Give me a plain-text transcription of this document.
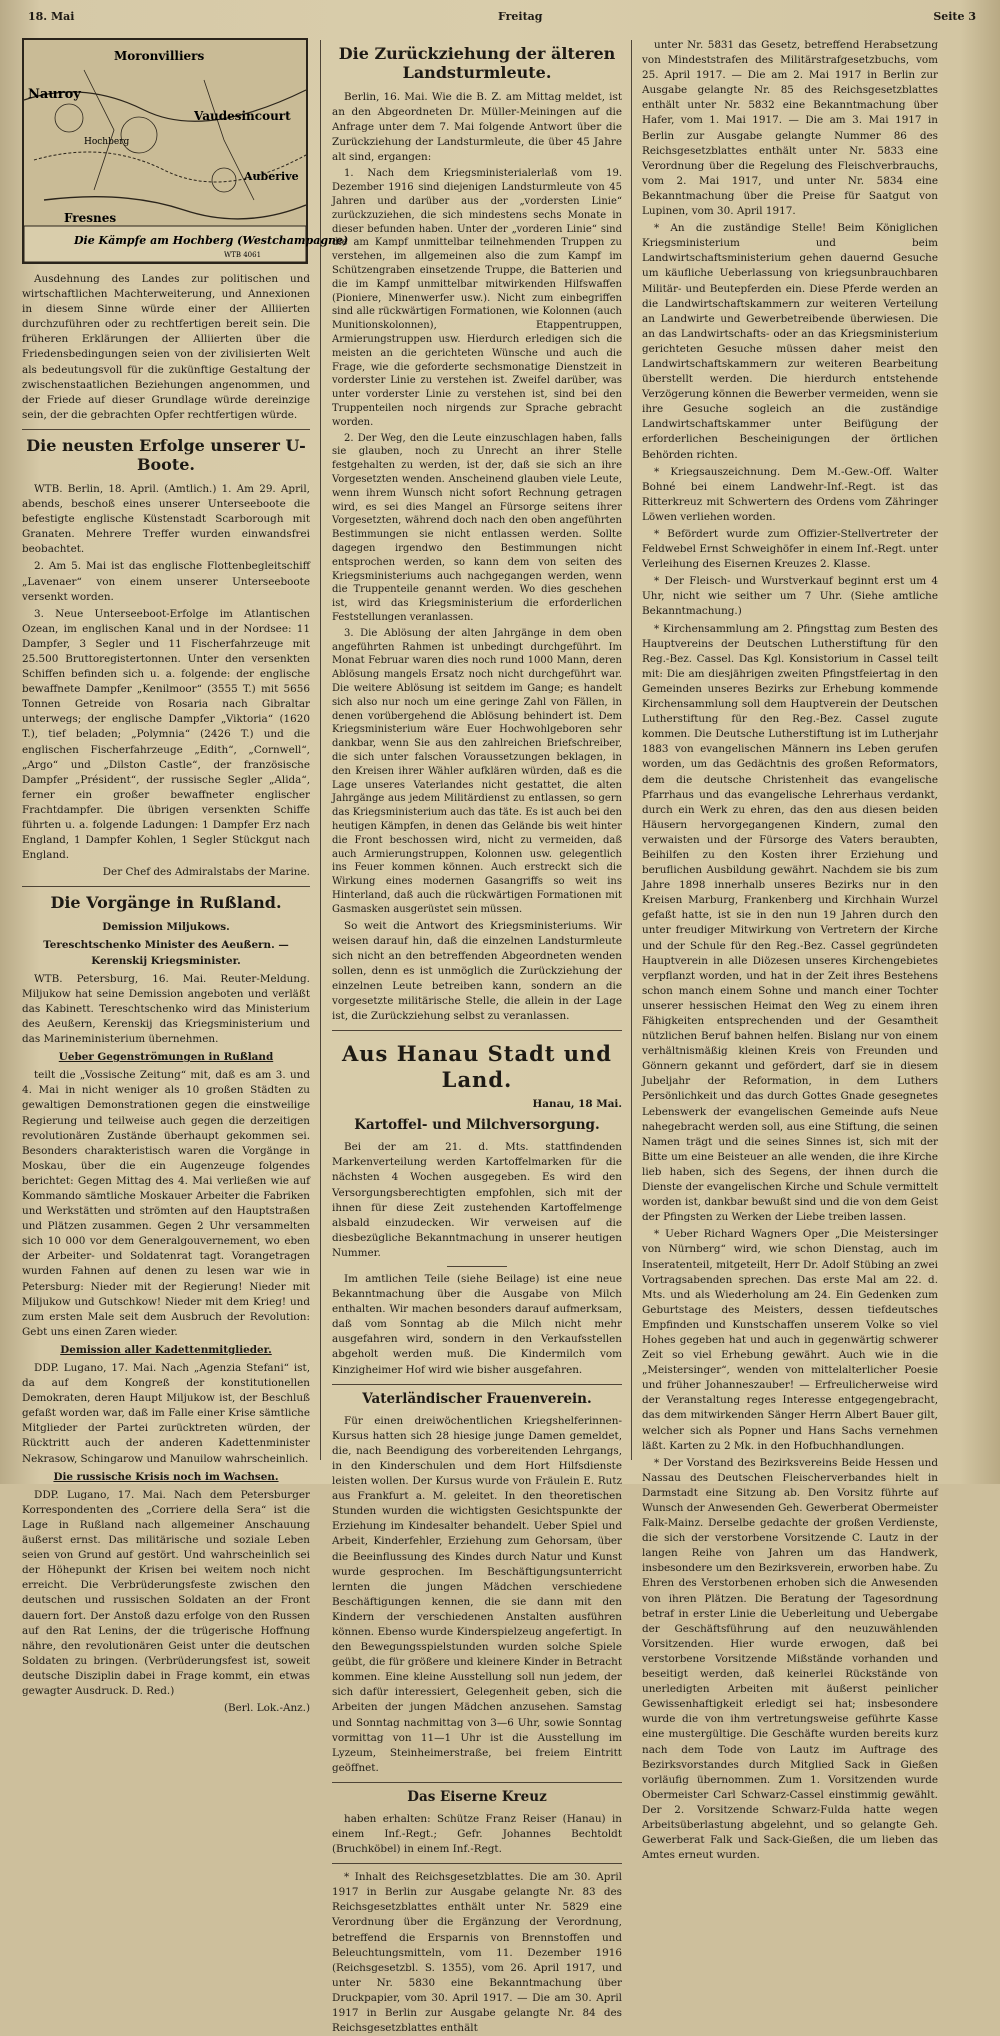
18. Mai	Freitag	Seite 3
Moronvilliers
Nauroy
Vaudesincourt
Auberive
Fresnes
Hochberg
Die Kämpfe am Hochberg (Westchampagne)
WTB 4061

Ausdehnung des Landes zur politischen und wirtschaftlichen Machterweiterung, und Annexionen in diesem Sinne würde einer der Alliierten durchzuführen oder zu rechtfertigen bereit sein. Die früheren Erklärungen der Alliierten über die Friedensbedingungen seien von der zivilisierten Welt als bedeutungsvoll für die zukünftige Gestaltung der zwischenstaatlichen Beziehungen angenommen, und der Friede auf dieser Grundlage würde dereinzige sein, der die gebrachten Opfer rechtfertigen würde.

Die neusten Erfolge unserer U-Boote.

WTB. Berlin, 18. April. (Amtlich.) 1. Am 29. April, abends, beschoß eines unserer Unterseeboote die befestigte englische Küstenstadt Scarborough mit Granaten. Mehrere Treffer wurden einwandsfrei beobachtet.

2. Am 5. Mai ist das englische Flottenbegleitschiff „Lavenaer“ von einem unserer Unterseeboote versenkt worden.

3. Neue Unterseeboot-Erfolge im Atlantischen Ozean, im englischen Kanal und in der Nordsee: 11 Dampfer, 3 Segler und 11 Fischerfahrzeuge mit 25.500 Bruttoregistertonnen. Unter den versenkten Schiffen befinden sich u. a. folgende: der englische bewaffnete Dampfer „Kenilmoor“ (3555 T.) mit 5656 Tonnen Getreide von Rosaria nach Gibraltar unterwegs; der englische Dampfer „Viktoria“ (1620 T.), tief beladen; „Polymnia“ (2426 T.) und die englischen Fischerfahrzeuge „Edith“, „Cornwell“, „Argo“ und „Dilston Castle“, der französische Dampfer „Président“, der russische Segler „Alida“, ferner ein großer bewaffneter englischer Frachtdampfer. Die übrigen versenkten Schiffe führten u. a. folgende Ladungen: 1 Dampfer Erz nach England, 1 Dampfer Kohlen, 1 Segler Stückgut nach England.

Der Chef des Admiralstabs der Marine.
Die Vorgänge in Rußland.
Demission Miljukows.
Tereschtschenko Minister des Aeußern. — Kerenskij Kriegsminister.

WTB. Petersburg, 16. Mai. Reuter-Meldung. Miljukow hat seine Demission angeboten und verläßt das Kabinett. Tereschtschenko wird das Ministerium des Aeußern, Kerenskij das Kriegsministerium und das Marineministerium übernehmen.

Ueber Gegenströmungen in Rußland

teilt die „Vossische Zeitung“ mit, daß es am 3. und 4. Mai in nicht weniger als 10 großen Städten zu gewaltigen Demonstrationen gegen die einstweilige Regierung und teilweise auch gegen die derzeitigen revolutionären Zustände überhaupt gekommen sei. Besonders charakteristisch waren die Vorgänge in Moskau, über die ein Augenzeuge folgendes berichtet: Gegen Mittag des 4. Mai verließen wie auf Kommando sämtliche Moskauer Arbeiter die Fabriken und Werkstätten und strömten auf den Hauptstraßen und Plätzen zusammen. Gegen 2 Uhr versammelten sich 10 000 vor dem Generalgouvernement, wo eben der Arbeiter- und Soldatenrat tagt. Vorangetragen wurden Fahnen auf denen zu lesen war wie in Petersburg: Nieder mit der Regierung! Nieder mit Miljukow und Gutschkow! Nieder mit dem Krieg! und zum ersten Male seit dem Ausbruch der Revolution: Gebt uns einen Zaren wieder.

Demission aller Kadettenmitglieder.

DDP. Lugano, 17. Mai. Nach „Agenzia Stefani“ ist, da auf dem Kongreß der konstitutionellen Demokraten, deren Haupt Miljukow ist, der Beschluß gefaßt worden war, daß im Falle einer Krise sämtliche Mitglieder der Partei zurücktreten würden, der Rücktritt auch der anderen Kadettenminister Nekrasow, Schingarow und Manuilow wahrscheinlich.

Die russische Krisis noch im Wachsen.

DDP. Lugano, 17. Mai. Nach dem Petersburger Korrespondenten des „Corriere della Sera“ ist die Lage in Rußland nach allgemeiner Anschauung äußerst ernst. Das militärische und soziale Leben seien von Grund auf gestört. Und wahrscheinlich sei der Höhepunkt der Krisen bei weitem noch nicht erreicht. Die Verbrüderungsfeste zwischen den deutschen und russischen Soldaten an der Front dauern fort. Der Anstoß dazu erfolge von den Russen auf den Rat Lenins, der die trügerische Hoffnung nähre, den revolutionären Geist unter die deutschen Soldaten zu bringen. (Verbrüderungsfest ist, soweit deutsche Disziplin dabei in Frage kommt, ein etwas gewagter Ausdruck. D. Red.)

(Berl. Lok.-Anz.)
Die Zurückziehung der älteren Landsturmleute.

Berlin, 16. Mai. Wie die B. Z. am Mittag meldet, ist an den Abgeordneten Dr. Müller-Meiningen auf die Anfrage unter dem 7. Mai folgende Antwort über die Zurückziehung der Landsturmleute, die über 45 Jahre alt sind, ergangen:

1. Nach dem Kriegsministerialerlaß vom 19. Dezember 1916 sind diejenigen Landsturmleute von 45 Jahren und darüber aus der „vordersten Linie“ zurückzuziehen, die sich mindestens sechs Monate in dieser befunden haben. Unter der „vorderen Linie“ sind die am Kampf unmittelbar teilnehmenden Truppen zu verstehen, im allgemeinen also die zum Kampf im Schützengraben einsetzende Truppe, die Batterien und die im Kampf unmittelbar mitwirkenden Hilfswaffen (Pioniere, Minenwerfer usw.). Nicht zum einbegriffen sind alle rückwärtigen Formationen, wie Kolonnen (auch Munitionskolonnen), Etappentruppen, Armierungstruppen usw. Hierdurch erledigen sich die meisten an die gerichteten Wünsche und auch die Frage, wie die geforderte sechsmonatige Dienstzeit in vorderster Linie zu verstehen ist. Zweifel darüber, was unter vorderster Linie zu verstehen ist, sind bei den Truppenteilen noch nirgends zur Sprache gebracht worden.

2. Der Weg, den die Leute einzuschlagen haben, falls sie glauben, noch zu Unrecht an ihrer Stelle festgehalten zu werden, ist der, daß sie sich an ihre Vorgesetzten wenden. Anscheinend glauben viele Leute, wenn ihrem Wunsch nicht sofort Rechnung getragen wird, es sei dies Mangel an Fürsorge seitens ihrer Vorgesetzten, während doch nach den oben angeführten Bestimmungen sie nicht entlassen werden. Sollte dagegen irgendwo den Bestimmungen nicht entsprochen werden, so kann dem von seiten des Kriegsministeriums auch nachgegangen werden, wenn die Truppenteile genannt werden. Wo dies geschehen ist, wird das Kriegsministerium die erforderlichen Feststellungen veranlassen.

3. Die Ablösung der alten Jahrgänge in dem oben angeführten Rahmen ist unbedingt durchgeführt. Im Monat Februar waren dies noch rund 1000 Mann, deren Ablösung mangels Ersatz noch nicht durchgeführt war. Die weitere Ablösung ist seitdem im Gange; es handelt sich also nur noch um eine geringe Zahl von Fällen, in denen vorübergehend die Ablösung behindert ist. Dem Kriegsministerium wäre Euer Hochwohlgeboren sehr dankbar, wenn Sie aus den zahlreichen Briefschreiber, die sich unter falschen Voraussetzungen beklagen, in den Kreisen ihrer Wähler aufklären würden, daß es die Lage unseres Vaterlandes nicht gestattet, die alten Jahrgänge aus jedem Militärdienst zu entlassen, so gern das Kriegsministerium auch das täte. Es ist auch bei den heutigen Kämpfen, in denen das Gelände bis weit hinter die Front beschossen wird, nicht zu vermeiden, daß auch Armierungstruppen, Kolonnen usw. gelegentlich ins Feuer kommen können. Auch erstreckt sich die Wirkung eines modernen Gasangriffs so weit ins Hinterland, daß auch die rückwärtigen Formationen mit Gasmasken ausgerüstet sein müssen.

So weit die Antwort des Kriegsministeriums. Wir weisen darauf hin, daß die einzelnen Landsturmleute sich nicht an den betreffenden Abgeordneten wenden sollen, denn es ist unmöglich die Zurückziehung der einzelnen Leute betreiben kann, sondern an die vorgesetzte militärische Stelle, die allein in der Lage ist, die Zurückziehung selbst zu veranlassen.

Aus Hanau Stadt und Land.
Hanau, 18 Mai.
Kartoffel- und Milchversorgung.

Bei der am 21. d. Mts. stattfindenden Markenverteilung werden Kartoffelmarken für die nächsten 4 Wochen ausgegeben. Es wird den Versorgungsberechtigten empfohlen, sich mit der ihnen für diese Zeit zustehenden Kartoffelmenge alsbald einzudecken. Wir verweisen auf die diesbezügliche Bekanntmachung in unserer heutigen Nummer.

Im amtlichen Teile (siehe Beilage) ist eine neue Bekanntmachung über die Ausgabe von Milch enthalten. Wir machen besonders darauf aufmerksam, daß vom Sonntag ab die Milch nicht mehr ausgefahren wird, sondern in den Verkaufsstellen abgeholt werden muß. Die Kindermilch vom Kinzigheimer Hof wird wie bisher ausgefahren.

Vaterländischer Frauenverein.

Für einen dreiwöchentlichen Kriegshelferinnen-Kursus hatten sich 28 hiesige junge Damen gemeldet, die, nach Beendigung des vorbereitenden Lehrgangs, in den Kinderschulen und dem Hort Hilfsdienste leisten wollen. Der Kursus wurde von Fräulein E. Rutz aus Frankfurt a. M. geleitet. In den theoretischen Stunden wurden die wichtigsten Gesichtspunkte der Erziehung im Kindesalter behandelt. Ueber Spiel und Arbeit, Kinderfehler, Erziehung zum Gehorsam, über die Beeinflussung des Kindes durch Natur und Kunst wurde gesprochen. Im Beschäftigungsunterricht lernten die jungen Mädchen verschiedene Beschäftigungen kennen, die sie dann mit den Kindern der verschiedenen Anstalten ausführen können. Ebenso wurde Kinderspielzeug angefertigt. In den Bewegungsspielstunden wurden solche Spiele geübt, die für größere und kleinere Kinder in Betracht kommen. Eine kleine Ausstellung soll nun jedem, der sich dafür interessiert, Gelegenheit geben, sich die Arbeiten der jungen Mädchen anzusehen. Samstag und Sonntag nachmittag von 3—6 Uhr, sowie Sonntag vormittag von 11—1 Uhr ist die Ausstellung im Lyzeum, Steinheimerstraße, bei freiem Eintritt geöffnet.

Das Eiserne Kreuz

haben erhalten: Schütze Franz Reiser (Hanau) in einem Inf.-Regt.; Gefr. Johannes Bechtoldt (Bruchköbel) in einem Inf.-Regt.

* Inhalt des Reichsgesetzblattes. Die am 30. April 1917 in Berlin zur Ausgabe gelangte Nr. 83 des Reichsgesetzblattes enthält unter Nr. 5829 eine Verordnung über die Ergänzung der Verordnung, betreffend die Ersparnis von Brennstoffen und Beleuchtungsmitteln, vom 11. Dezember 1916 (Reichsgesetzbl. S. 1355), vom 26. April 1917, und unter Nr. 5830 eine Bekanntmachung über Druckpapier, vom 30. April 1917. — Die am 30. April 1917 in Berlin zur Ausgabe gelangte Nr. 84 des Reichsgesetzblattes enthält

unter Nr. 5831 das Gesetz, betreffend Herabsetzung von Mindeststrafen des Militärstrafgesetzbuchs, vom 25. April 1917. — Die am 2. Mai 1917 in Berlin zur Ausgabe gelangte Nr. 85 des Reichsgesetzblattes enthält unter Nr. 5832 eine Bekanntmachung über Hafer, vom 1. Mai 1917. — Die am 3. Mai 1917 in Berlin zur Ausgabe gelangte Nummer 86 des Reichsgesetzblattes enthält unter Nr. 5833 eine Verordnung über die Regelung des Fleischverbrauchs, vom 2. Mai 1917, und unter Nr. 5834 eine Bekanntmachung über die Preise für Saatgut von Lupinen, vom 30. April 1917.

* An die zuständige Stelle! Beim Königlichen Kriegsministerium und beim Landwirtschaftsministerium gehen dauernd Gesuche um käufliche Ueberlassung von kriegsunbrauchbaren Militär- und Beutepferden ein. Diese Pferde werden an die Landwirtschaftskammern zur weiteren Verteilung an Landwirte und Gewerbetreibende überwiesen. Die an das Landwirtschafts- oder an das Kriegsministerium gerichteten Gesuche müssen daher meist den Landwirtschaftskammern zur weiteren Bearbeitung überstellt werden. Die hierdurch entstehende Verzögerung können die Bewerber vermeiden, wenn sie ihre Gesuche sogleich an die zuständige Landwirtschaftskammer unter Beifügung der erforderlichen Bescheinigungen der örtlichen Behörden richten.

* Kriegsauszeichnung. Dem M.-Gew.-Off. Walter Bohné bei einem Landwehr-Inf.-Regt. ist das Ritterkreuz mit Schwertern des Ordens vom Zähringer Löwen verliehen worden.

* Befördert wurde zum Offizier-Stellvertreter der Feldwebel Ernst Schweighöfer in einem Inf.-Regt. unter Verleihung des Eisernen Kreuzes 2. Klasse.

* Der Fleisch- und Wurstverkauf beginnt erst um 4 Uhr, nicht wie seither um 7 Uhr. (Siehe amtliche Bekanntmachung.)

* Kirchensammlung am 2. Pfingsttag zum Besten des Hauptvereins der Deutschen Lutherstiftung für den Reg.-Bez. Cassel. Das Kgl. Konsistorium in Cassel teilt mit: Die am diesjährigen zweiten Pfingstfeiertag in den Gemeinden unseres Bezirks zur Erhebung kommende Kirchensammlung soll dem Hauptverein der Deutschen Lutherstiftung für den Reg.-Bez. Cassel zugute kommen. Die Deutsche Lutherstiftung ist im Lutherjahr 1883 von evangelischen Männern ins Leben gerufen worden, um das Gedächtnis des großen Reformators, dem die deutsche Christenheit das evangelische Pfarrhaus und das evangelische Lehrerhaus verdankt, durch ein Werk zu ehren, das den aus diesen beiden Häusern hervorgegangenen Kindern, zumal den verwaisten und der Fürsorge des Vaters beraubten, Beihilfen zu den Kosten ihrer Erziehung und beruflichen Ausbildung gewährt. Nachdem sie bis zum Jahre 1898 innerhalb unseres Bezirks nur in den Kreisen Marburg, Frankenberg und Kirchhain Wurzel gefaßt hatte, ist sie in den nun 19 Jahren durch den unter freudiger Mitwirkung von Vertretern der Kirche und der Schule für den Reg.-Bez. Cassel gegründeten Hauptverein in alle Diözesen unseres Kirchengebietes verpflanzt worden, und hat in der Zeit ihres Bestehens schon manch einem Sohne und manch einer Tochter unserer hessischen Heimat den Weg zu einem ihren Fähigkeiten entsprechenden und der Gesamtheit nützlichen Beruf bahnen helfen. Bislang nur von einem verhältnismäßig kleinen Kreis von Freunden und Gönnern gekannt und gefördert, darf sie in diesem Jubeljahr der Reformation, in dem Luthers Persönlichkeit und das durch Gottes Gnade gesegnetes Lebenswerk der evangelischen Gemeinde aufs Neue nahegebracht werden soll, aus eine Stiftung, die seinen Namen trägt und die seines Sinnes ist, sich mit der Bitte um eine Beisteuer an alle wenden, die ihre Kirche lieb haben, sich des Segens, der ihnen durch die Dienste der evangelischen Kirche und Schule vermittelt worden ist, dankbar bewußt sind und die von dem Geist der Pfingsten zu Werken der Liebe treiben lassen.

* Ueber Richard Wagners Oper „Die Meistersinger von Nürnberg“ wird, wie schon Dienstag, auch im Inseratenteil, mitgeteilt, Herr Dr. Adolf Stübing an zwei Vortragsabenden sprechen. Das erste Mal am 22. d. Mts. und als Wiederholung am 24. Ein Gedenken zum Geburtstage des Meisters, dessen tiefdeutsches Empfinden und Kunstschaffen unserem Volke so viel Hohes gegeben hat und auch in gegenwärtig schwerer Zeit so viel Erhebung gewährt. Auch wie in die „Meistersinger“, wenden von mittelalterlicher Poesie und früher Johanneszauber! — Erfreulicherweise wird der Veranstaltung reges Interesse entgegengebracht, das dem mitwirkenden Sänger Herrn Albert Bauer gilt, welcher sich als Popner und Hans Sachs vernehmen läßt. Karten zu 2 Mk. in den Hofbuchhandlungen.

* Der Vorstand des Bezirksvereins Beide Hessen und Nassau des Deutschen Fleischerverbandes hielt in Darmstadt eine Sitzung ab. Den Vorsitz führte auf Wunsch der Anwesenden Geh. Gewerberat Obermeister Falk-Mainz. Derselbe gedachte der großen Verdienste, die sich der verstorbene Vorsitzende C. Lautz in der langen Reihe von Jahren um das Handwerk, insbesondere um den Bezirksverein, erworben habe. Zu Ehren des Verstorbenen erhoben sich die Anwesenden von ihren Plätzen. Die Beratung der Tagesordnung betraf in erster Linie die Ueberleitung und Uebergabe der Geschäftsführung auf den neuzuwählenden Vorsitzenden. Hier wurde erwogen, daß bei verstorbene Vorsitzende Mißstände vorhanden und beseitigt werden, daß keinerlei Rückstände von unerledigten Arbeiten mit äußerst peinlicher Gewissenhaftigkeit erledigt sei hat; insbesondere wurde die von ihm vertretungsweise geführte Kasse eine mustergültige. Die Geschäfte wurden bereits kurz nach dem Tode von Lautz im Auftrage des Bezirksvorstandes durch Mitglied Sack in Gießen vorläufig übernommen. Zum 1. Vorsitzenden wurde Obermeister Carl Schwarz-Cassel einstimmig gewählt. Der 2. Vorsitzende Schwarz-Fulda hatte wegen Arbeitsüberlastung abgelehnt, und so gelangte Geh. Gewerberat Falk und Sack-Gießen, die um lieben das Amtes erneut wurden.
